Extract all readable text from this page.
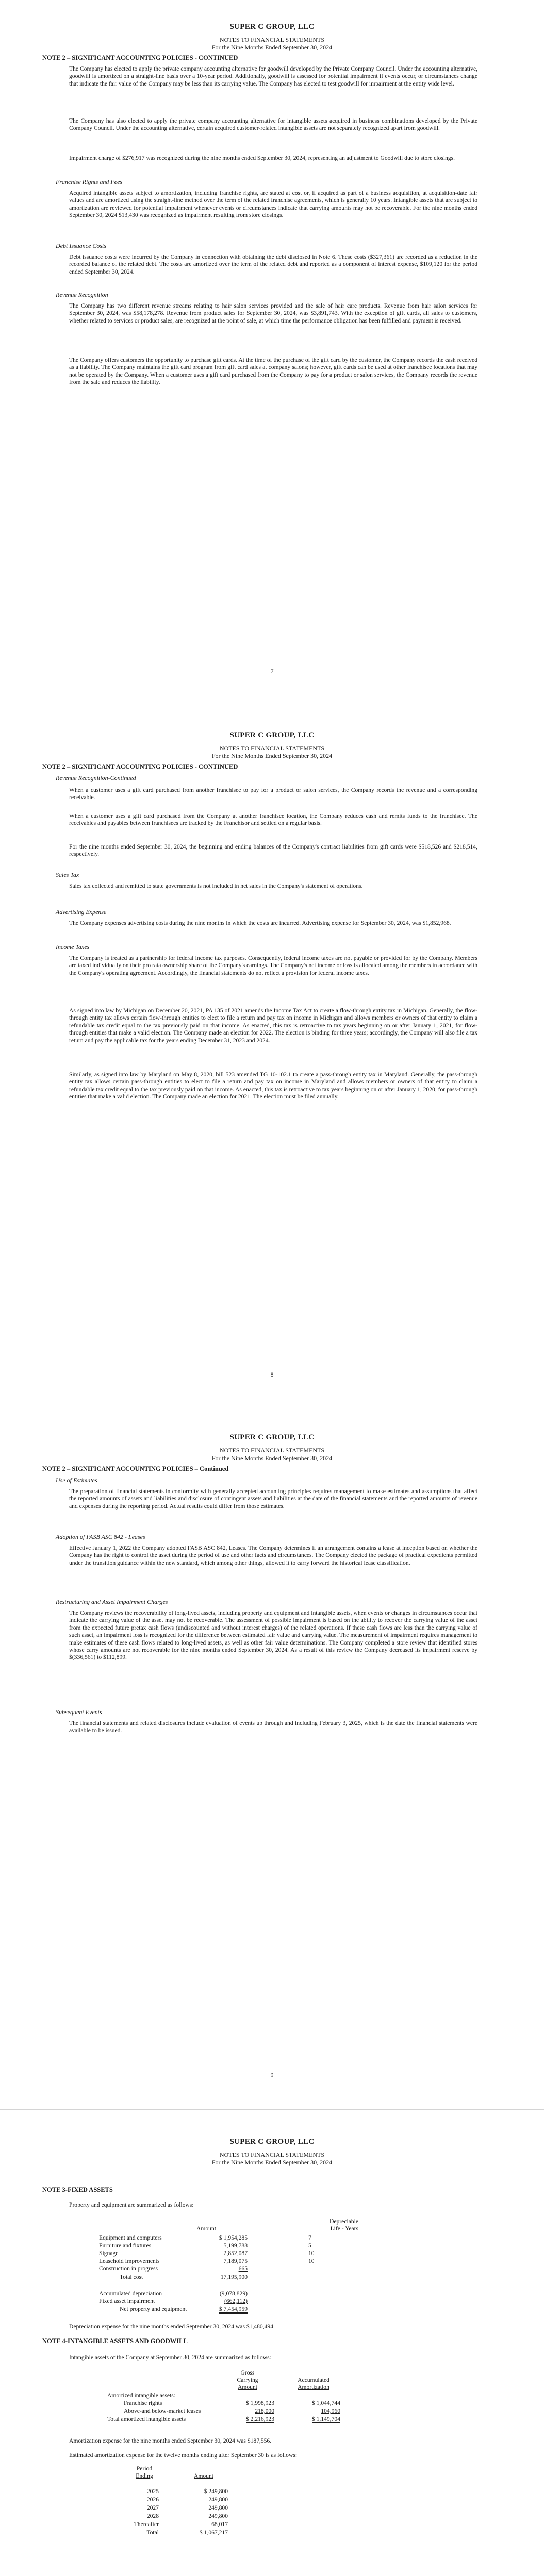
SUPER C GROUP, LLC
NOTES TO FINANCIAL STATEMENTS
For the Nine Months Ended September 30, 2024
NOTE 2 – SIGNIFICANT ACCOUNTING POLICIES - CONTINUED

The Company has elected to apply the private company accounting alternative for goodwill developed by the Private Company Council. Under the accounting alternative, goodwill is amortized on a straight-line basis over a 10-year period. Additionally, goodwill is assessed for potential impairment if events occur, or circumstances change that indicate the fair value of the Company may be less than its carrying value. The Company has elected to test goodwill for impairment at the entity wide level.

The Company has also elected to apply the private company accounting alternative for intangible assets acquired in business combinations developed by the Private Company Council. Under the accounting alternative, certain acquired customer-related intangible assets are not separately recognized apart from goodwill.

Impairment charge of $276,917 was recognized during the nine months ended September 30, 2024, representing an adjustment to Goodwill due to store closings.

Franchise Rights and Fees

Acquired intangible assets subject to amortization, including franchise rights, are stated at cost or, if acquired as part of a business acquisition, at acquisition-date fair values and are amortized using the straight-line method over the term of the related franchise agreements, which is generally 10 years. Intangible assets that are subject to amortization are reviewed for potential impairment whenever events or circumstances indicate that carrying amounts may not be recoverable. For the nine months ended September 30, 2024 $13,430 was recognized as impairment resulting from store closings.

Debt Issuance Costs

Debt issuance costs were incurred by the Company in connection with obtaining the debt disclosed in Note 6. These costs ($327,361) are recorded as a reduction in the recorded balance of the related debt. The costs are amortized over the term of the related debt and reported as a component of interest expense, $109,120 for the period ended September 30, 2024.

Revenue Recognition

The Company has two different revenue streams relating to hair salon services provided and the sale of hair care products. Revenue from hair salon services for September 30, 2024, was $58,178,278. Revenue from product sales for September 30, 2024, was $3,891,743. With the exception of gift cards, all sales to customers, whether related to services or product sales, are recognized at the point of sale, at which time the performance obligation has been fulfilled and payment is received.

The Company offers customers the opportunity to purchase gift cards. At the time of the purchase of the gift card by the customer, the Company records the cash received as a liability. The Company maintains the gift card program from gift card sales at company salons; however, gift cards can be used at other franchisee locations that may not be operated by the Company. When a customer uses a gift card purchased from the Company to pay for a product or salon services, the Company records the revenue from the sale and reduces the liability.

7
SUPER C GROUP, LLC
NOTES TO FINANCIAL STATEMENTS
For the Nine Months Ended September 30, 2024
NOTE 2 – SIGNIFICANT ACCOUNTING POLICIES - CONTINUED
Revenue Recognition-Continued

When a customer uses a gift card purchased from another franchisee to pay for a product or salon services, the Company records the revenue and a corresponding receivable.

When a customer uses a gift card purchased from the Company at another franchisee location, the Company reduces cash and remits funds to the franchisee. The receivables and payables between franchisees are tracked by the Franchisor and settled on a regular basis.

For the nine months ended September 30, 2024, the beginning and ending balances of the Company's contract liabilities from gift cards were $518,526 and $218,514, respectively.

Sales Tax

Sales tax collected and remitted to state governments is not included in net sales in the Company's statement of operations.

Advertising Expense

The Company expenses advertising costs during the nine months in which the costs are incurred. Advertising expense for September 30, 2024, was $1,852,968.

Income Taxes

The Company is treated as a partnership for federal income tax purposes. Consequently, federal income taxes are not payable or provided for by the Company. Members are taxed individually on their pro rata ownership share of the Company's earnings. The Company's net income or loss is allocated among the members in accordance with the Company's operating agreement. Accordingly, the financial statements do not reflect a provision for federal income taxes.

As signed into law by Michigan on December 20, 2021, PA 135 of 2021 amends the Income Tax Act to create a flow-through entity tax in Michigan. Generally, the flow-through entity tax allows certain flow-through entities to elect to file a return and pay tax on income in Michigan and allows members or owners of that entity to claim a refundable tax credit equal to the tax previously paid on that income. As enacted, this tax is retroactive to tax years beginning on or after January 1, 2021, for flow-through entities that make a valid election. The Company made an election for 2022. The election is binding for three years; accordingly, the Company will also file a tax return and pay the applicable tax for the years ending December 31, 2023 and 2024.

Similarly, as signed into law by Maryland on May 8, 2020, bill 523 amended TG 10-102.1 to create a pass-through entity tax in Maryland. Generally, the pass-through entity tax allows certain pass-through entities to elect to file a return and pay tax on income in Maryland and allows members or owners of that entity to claim a refundable tax credit equal to the tax previously paid on that income. As enacted, this tax is retroactive to tax years beginning on or after January 1, 2020, for pass-through entities that make a valid election. The Company made an election for 2021. The election must be filed annually.

8
SUPER C GROUP, LLC
NOTES TO FINANCIAL STATEMENTS
For the Nine Months Ended September 30, 2024
NOTE 2 – SIGNIFICANT ACCOUNTING POLICIES – Continued
Use of Estimates

The preparation of financial statements in conformity with generally accepted accounting principles requires management to make estimates and assumptions that affect the reported amounts of assets and liabilities and disclosure of contingent assets and liabilities at the date of the financial statements and the reported amounts of revenue and expenses during the reporting period. Actual results could differ from those estimates.

Adoption of FASB ASC 842 - Leases

Effective January 1, 2022 the Company adopted FASB ASC 842, Leases. The Company determines if an arrangement contains a lease at inception based on whether the Company has the right to control the asset during the period of use and other facts and circumstances. The Company elected the package of practical expedients permitted under the transition guidance within the new standard, which among other things, allowed it to carry forward the historical lease classification.

Restructuring and Asset Impairment Charges

The Company reviews the recoverability of long-lived assets, including property and equipment and intangible assets, when events or changes in circumstances occur that indicate the carrying value of the asset may not be recoverable. The assessment of possible impairment is based on the ability to recover the carrying value of the asset from the expected future pretax cash flows (undiscounted and without interest charges) of the related operations. If these cash flows are less than the carrying value of such asset, an impairment loss is recognized for the difference between estimated fair value and carrying value. The measurement of impairment requires management to make estimates of these cash flows related to long-lived assets, as well as other fair value determinations. The Company completed a store review that identified stores whose carry amounts are not recoverable for the nine months ended September 30, 2024. As a result of this review the Company decreased its impairment reserve by $(336,561) to $112,899.

Subsequent Events

The financial statements and related disclosures include evaluation of events up through and including February 3, 2025, which is the date the financial statements were available to be issued.

9
SUPER C GROUP, LLC
NOTES TO FINANCIAL STATEMENTS
For the Nine Months Ended September 30, 2024
NOTE 3-FIXED ASSETS

Property and equipment are summarized as follows:

Depreciable
Amount	Life - Years
Equipment and computers	$ 1,954,285	7
Furniture and fixtures	5,199,788	5
Signage	2,852,087	10
Leasehold Improvements	7,189,075	10
Construction in progress	665
Total cost	17,195,900
Accumulated depreciation	(9,078,829)
Fixed asset impairment	(662,112)
Net property and equipment	$ 7,454,959

Depreciation expense for the nine months ended September 30, 2024 was $1,480,494.

NOTE 4-INTANGIBLE ASSETS AND GOODWILL

Intangible assets of the Company at September 30, 2024 are summarized as follows:

Gross
Carrying	Accumulated
Amount	Amortization
Amortized intangible assets:
Franchise rights	$ 1,998,923	$ 1,044,744
Above-and below-market leases	218,000	104,960
Total amortized intangible assets	$ 2,216,923	$ 1,149,704

Amortization expense for the nine months ended September 30, 2024 was $187,556.

Estimated amortization expense for the twelve months ending after September 30 is as follows:

Period
Ending	Amount
2025	$ 249,800
2026	249,800
2027	249,800
2028	249,800
Thereafter	68,017
Total	$ 1,067,217
